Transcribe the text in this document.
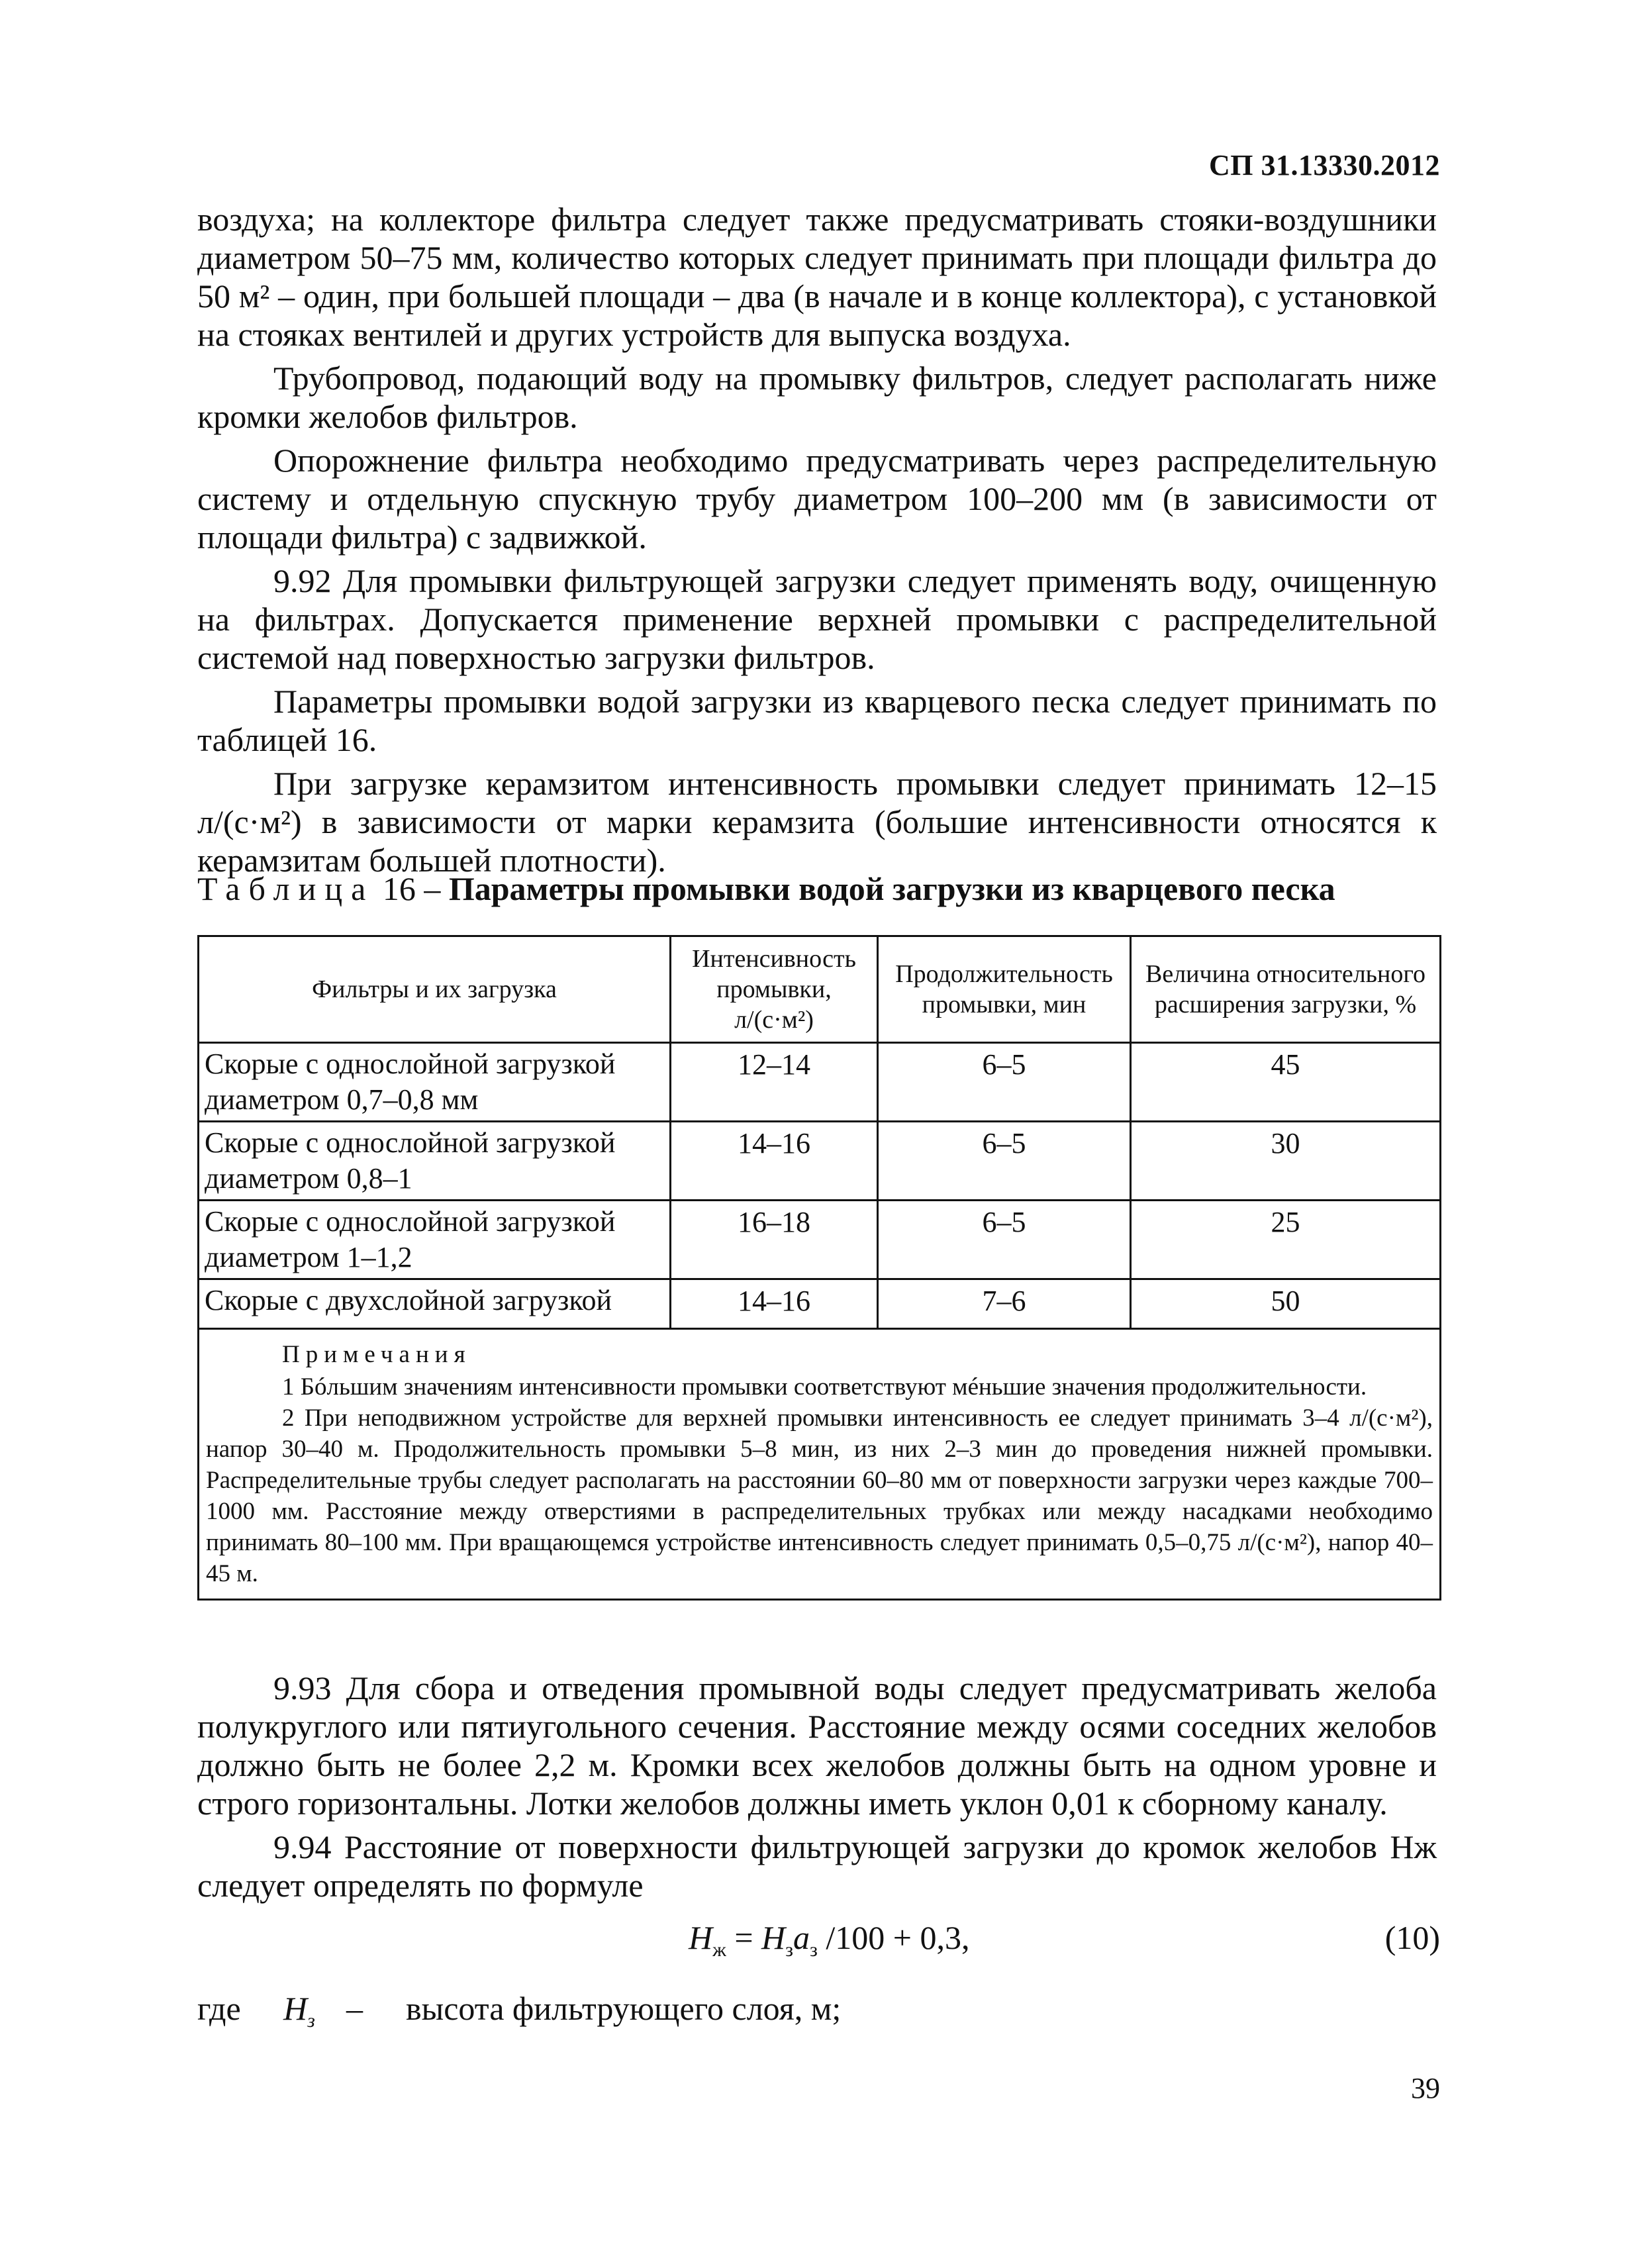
СП 31.13330.2012

воздуха; на коллекторе фильтра следует также предусматривать стояки-воздушники диаметром 50–75 мм, количество которых следует принимать при площади фильтра до 50 м² – один, при большей площади – два (в начале и в конце коллектора), с установкой на стояках вентилей и других устройств для выпуска воздуха.

Трубопровод, подающий воду на промывку фильтров, следует располагать ниже кромки желобов фильтров.

Опорожнение фильтра необходимо предусматривать через распределительную систему и отдельную спускную трубу диаметром 100–200 мм (в зависимости от площади фильтра) с задвижкой.

9.92 Для промывки фильтрующей загрузки следует применять воду, очищенную на фильтрах. Допускается применение верхней промывки с распределительной системой над поверхностью загрузки фильтров.

Параметры промывки водой загрузки из кварцевого песка следует принимать по таблицей 16.

При загрузке керамзитом интенсивность промывки следует принимать 12–15 л/(с·м²) в зависимости от марки керамзита (большие интенсивности относятся к керамзитам большей плотности).

Таблица 16 – Параметры промывки водой загрузки из кварцевого песка
Фильтры и их загрузка	Интенсивность промывки, л/(с·м²)	Продолжительность промывки, мин	Величина относительного расширения загрузки, %
Скорые с однослойной загрузкой диаметром 0,7–0,8 мм	12–14	6–5	45
Скорые с однослойной загрузкой диаметром 0,8–1	14–16	6–5	30
Скорые с однослойной загрузкой диаметром 1–1,2	16–18	6–5	25
Скорые с двухслойной загрузкой	14–16	7–6	50

Примечания

1 Бóльшим значениям интенсивности промывки соответствуют мéньшие значения продолжительности.

2 При неподвижном устройстве для верхней промывки интенсивность ее следует принимать 3–4 л/(с·м²), напор 30–40 м. Продолжительность промывки 5–8 мин, из них 2–3 мин до проведения нижней промывки. Распределительные трубы следует располагать на расстоянии 60–80 мм от поверхности загрузки через каждые 700–1000 мм. Расстояние между отверстиями в распределительных трубках или между насадками необходимо принимать 80–100 мм. При вращающемся устройстве интенсивность следует принимать 0,5–0,75 л/(с·м²), напор 40–45 м.			

9.93 Для сбора и отведения промывной воды следует предусматривать желоба полукруглого или пятиугольного сечения. Расстояние между осями соседних желобов должно быть не более 2,2 м. Кромки всех желобов должны быть на одном уровне и строго горизонтальны. Лотки желобов должны иметь уклон 0,01 к сборному каналу.

9.94 Расстояние от поверхности фильтрующей загрузки до кромок желобов Hж следует определять по формуле

$H_ж = H_зa_з$ /100 + 0,3,	(10)
где $H_з$ – высота фильтрующего слоя, м;
39
